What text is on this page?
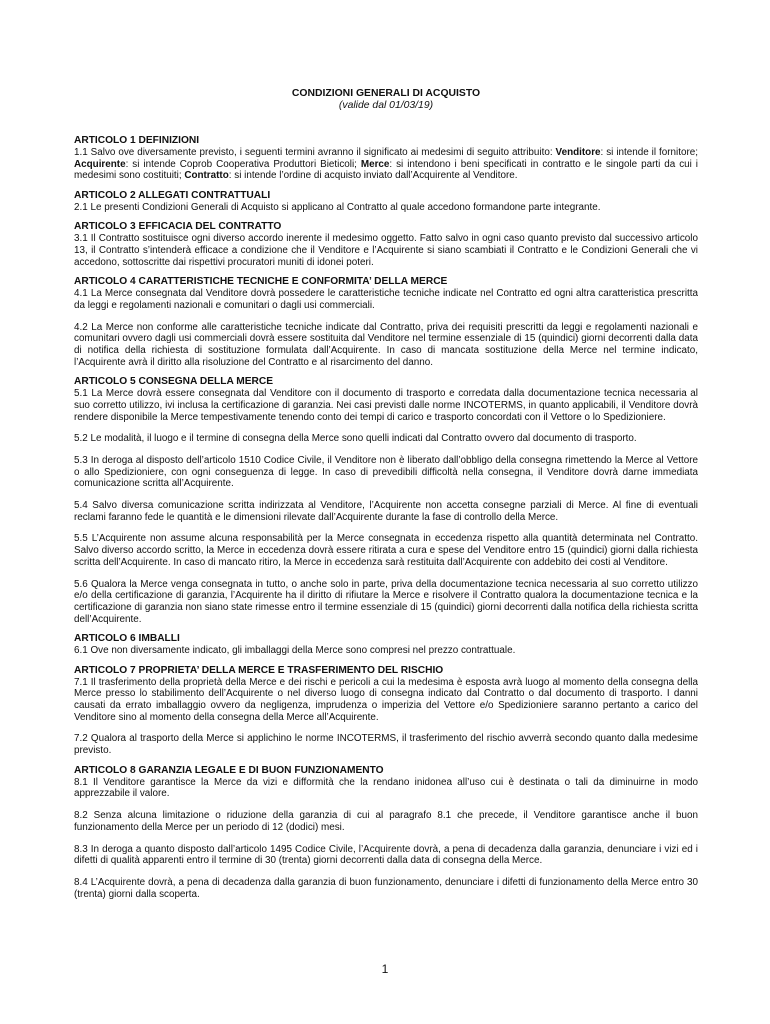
CONDIZIONI GENERALI DI ACQUISTO
(valide dal 01/03/19)
ARTICOLO 1 DEFINIZIONI

1.1 Salvo ove diversamente previsto, i seguenti termini avranno il significato ai medesimi di seguito attribuito: Venditore: si intende il fornitore; Acquirente: si intende Coprob Cooperativa Produttori Bieticoli; Merce: si intendono i beni specificati in contratto e le singole parti da cui i medesimi sono costituiti; Contratto: si intende l’ordine di acquisto inviato dall’Acquirente al Venditore.

ARTICOLO 2 ALLEGATI CONTRATTUALI

2.1 Le presenti Condizioni Generali di Acquisto si applicano al Contratto al quale accedono formandone parte integrante.

ARTICOLO 3 EFFICACIA DEL CONTRATTO

3.1 Il Contratto sostituisce ogni diverso accordo inerente il medesimo oggetto. Fatto salvo in ogni caso quanto previsto dal successivo articolo 13, il Contratto s’intenderà efficace a condizione che il Venditore e l’Acquirente si siano scambiati il Contratto e le Condizioni Generali che vi accedono, sottoscritte dai rispettivi procuratori muniti di idonei poteri.

ARTICOLO 4 CARATTERISTICHE TECNICHE E CONFORMITA’ DELLA MERCE

4.1 La Merce consegnata dal Venditore dovrà possedere le caratteristiche tecniche indicate nel Contratto ed ogni altra caratteristica prescritta da leggi e regolamenti nazionali e comunitari o dagli usi commerciali.

4.2 La Merce non conforme alle caratteristiche tecniche indicate dal Contratto, priva dei requisiti prescritti da leggi e regolamenti nazionali e comunitari ovvero dagli usi commerciali dovrà essere sostituita dal Venditore nel termine essenziale di 15 (quindici) giorni decorrenti dalla data di notifica della richiesta di sostituzione formulata dall’Acquirente. In caso di mancata sostituzione della Merce nel termine indicato, l’Acquirente avrà il diritto alla risoluzione del Contratto e al risarcimento del danno.

ARTICOLO 5 CONSEGNA DELLA MERCE

5.1 La Merce dovrà essere consegnata dal Venditore con il documento di trasporto e corredata dalla documentazione tecnica necessaria al suo corretto utilizzo, ivi inclusa la certificazione di garanzia. Nei casi previsti dalle norme INCOTERMS, in quanto applicabili, il Venditore dovrà rendere disponibile la Merce tempestivamente tenendo conto dei tempi di carico e trasporto concordati con il Vettore o lo Spedizioniere.

5.2 Le modalità, il luogo e il termine di consegna della Merce sono quelli indicati dal Contratto ovvero dal documento di trasporto.

5.3 In deroga al disposto dell’articolo 1510 Codice Civile, il Venditore non è liberato dall’obbligo della consegna rimettendo la Merce al Vettore o allo Spedizioniere, con ogni conseguenza di legge. In caso di prevedibili difficoltà nella consegna, il Venditore dovrà darne immediata comunicazione scritta all’Acquirente.

5.4 Salvo diversa comunicazione scritta indirizzata al Venditore, l’Acquirente non accetta consegne parziali di Merce. Al fine di eventuali reclami faranno fede le quantità e le dimensioni rilevate dall’Acquirente durante la fase di controllo della Merce.

5.5 L’Acquirente non assume alcuna responsabilità per la Merce consegnata in eccedenza rispetto alla quantità determinata nel Contratto. Salvo diverso accordo scritto, la Merce in eccedenza dovrà essere ritirata a cura e spese del Venditore entro 15 (quindici) giorni dalla richiesta scritta dell’Acquirente. In caso di mancato ritiro, la Merce in eccedenza sarà restituita dall’Acquirente con addebito dei costi al Venditore.

5.6 Qualora la Merce venga consegnata in tutto, o anche solo in parte, priva della documentazione tecnica necessaria al suo corretto utilizzo e/o della certificazione di garanzia, l’Acquirente ha il diritto di rifiutare la Merce e risolvere il Contratto qualora la documentazione tecnica e la certificazione di garanzia non siano state rimesse entro il termine essenziale di 15 (quindici) giorni decorrenti dalla notifica della richiesta scritta dell’Acquirente.

ARTICOLO 6 IMBALLI

6.1 Ove non diversamente indicato, gli imballaggi della Merce sono compresi nel prezzo contrattuale.

ARTICOLO 7 PROPRIETA’ DELLA MERCE E TRASFERIMENTO DEL RISCHIO

7.1 Il trasferimento della proprietà della Merce e dei rischi e pericoli a cui la medesima è esposta avrà luogo al momento della consegna della Merce presso lo stabilimento dell’Acquirente o nel diverso luogo di consegna indicato dal Contratto o dal documento di trasporto. I danni causati da errato imballaggio ovvero da negligenza, imprudenza o imperizia del Vettore e/o Spedizioniere saranno pertanto a carico del Venditore sino al momento della consegna della Merce all’Acquirente.

7.2 Qualora al trasporto della Merce si applichino le norme INCOTERMS, il trasferimento del rischio avverrà secondo quanto dalla medesime previsto.

ARTICOLO 8 GARANZIA LEGALE E DI BUON FUNZIONAMENTO

8.1 Il Venditore garantisce la Merce da vizi e difformità che la rendano inidonea all’uso cui è destinata o tali da diminuirne in modo apprezzabile il valore.

8.2 Senza alcuna limitazione o riduzione della garanzia di cui al paragrafo 8.1 che precede, il Venditore garantisce anche il buon funzionamento della Merce per un periodo di 12 (dodici) mesi.

8.3 In deroga a quanto disposto dall’articolo 1495 Codice Civile, l’Acquirente dovrà, a pena di decadenza dalla garanzia, denunciare i vizi ed i difetti di qualità apparenti entro il termine di 30 (trenta) giorni decorrenti dalla data di consegna della Merce.

8.4 L’Acquirente dovrà, a pena di decadenza dalla garanzia di buon funzionamento, denunciare i difetti di funzionamento della Merce entro 30 (trenta) giorni dalla scoperta.

1
